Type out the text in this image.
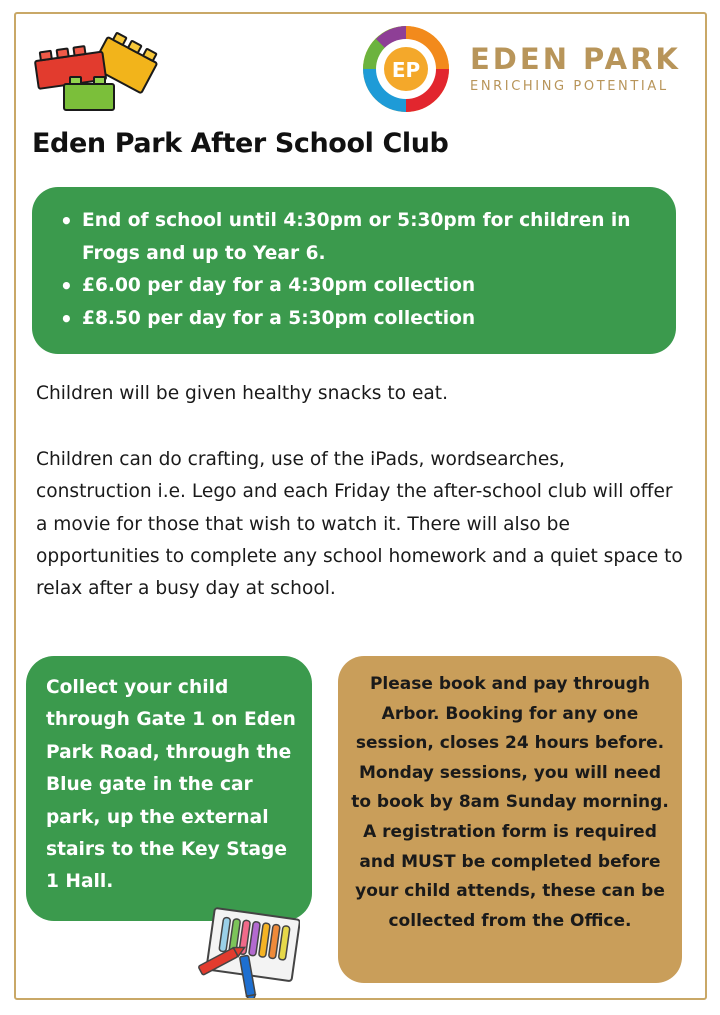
EP EDEN PARK
ENRICHING POTENTIAL
Eden Park After School Club
• End of school until 4:30pm or 5:30pm for children in Frogs and up to Year 6.
• £6.00 per day for a 4:30pm collection
• £8.50 per day for a 5:30pm collection

Children will be given healthy snacks to eat.

Children can do crafting, use of the iPads, wordsearches, construction i.e. Lego and each Friday the after-school club will offer a movie for those that wish to watch it. There will also be opportunities to complete any school homework and a quiet space to relax after a busy day at school.

Collect your child through Gate 1 on Eden Park Road, through the Blue gate in the car park, up the external stairs to the Key Stage 1 Hall.

Please book and pay through Arbor. Booking for any one session, closes 24 hours before. Monday sessions, you will need to book by 8am Sunday morning. A registration form is required and MUST be completed before your child attends, these can be collected from the Office.
